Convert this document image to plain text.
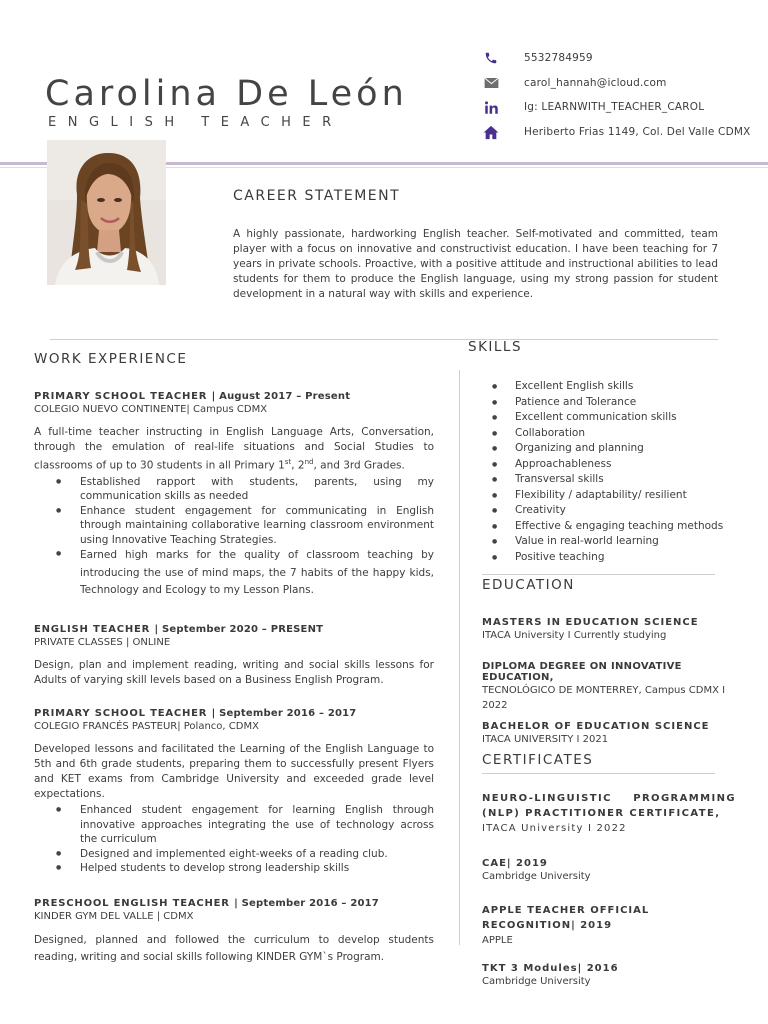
Carolina De León
ENGLISH TEACHER
5532784959
carol_hannah@icloud.com
Ig: LEARNWITH_TEACHER_CAROL
Heriberto Frias 1149, Col. Del Valle CDMX
CAREER STATEMENT
A highly passionate, hardworking English teacher. Self-motivated and committed, team player with a focus on innovative and constructivist education. I have been teaching for 7 years in private schools. Proactive, with a positive attitude and instructional abilities to lead students for them to produce the English language, using my strong passion for student development in a natural way with skills and experience.
WORK EXPERIENCE
PRIMARY SCHOOL TEACHER | August 2017 – Present
COLEGIO NUEVO CONTINENTE| Campus CDMX
A full-time teacher instructing in English Language Arts, Conversation, through the emulation of real-life situations and Social Studies to classrooms of up to 30 students in all Primary 1st, 2nd, and 3rd Grades.
● Established rapport with students, parents, using my communication skills as needed
● Enhance student engagement for communicating in English through maintaining collaborative learning classroom environment using Innovative Teaching Strategies.
● Earned high marks for the quality of classroom teaching by introducing the use of mind maps, the 7 habits of the happy kids, Technology and Ecology to my Lesson Plans.
ENGLISH TEACHER | September 2020 – PRESENT
PRIVATE CLASSES | ONLINE
Design, plan and implement reading, writing and social skills lessons for Adults of varying skill levels based on a Business English Program.
PRIMARY SCHOOL TEACHER | September 2016 – 2017
COLEGIO FRANCÉS PASTEUR| Polanco, CDMX
Developed lessons and facilitated the Learning of the English Language to 5th and 6th grade students, preparing them to successfully present Flyers and KET exams from Cambridge University and exceeded grade level expectations.
● Enhanced student engagement for learning English through innovative approaches integrating the use of technology across the curriculum
● Designed and implemented eight-weeks of a reading club.
● Helped students to develop strong leadership skills
PRESCHOOL ENGLISH TEACHER | September 2016 – 2017
KINDER GYM DEL VALLE | CDMX
Designed, planned and followed the curriculum to develop students reading, writing and social skills following KINDER GYM`s Program.
SKILLS
● Excellent English skills
● Patience and Tolerance
● Excellent communication skills
● Collaboration
● Organizing and planning
● Approachableness
● Transversal skills
● Flexibility / adaptability/ resilient
● Creativity
● Effective & engaging teaching methods
● Value in real-world learning
● Positive teaching
EDUCATION
MASTERS IN EDUCATION SCIENCE
ITACA University I Currently studying
DIPLOMA DEGREE ON INNOVATIVE EDUCATION,
TECNOLÓGICO DE MONTERREY, Campus CDMX I 2022
BACHELOR OF EDUCATION SCIENCE
ITACA UNIVERSITY I 2021
CERTIFICATES
NEURO-LINGUISTIC PROGRAMMING (NLP) PRACTITIONER CERTIFICATE,
ITACA University I 2022
CAE| 2019
Cambridge University
APPLE TEACHER OFFICIAL RECOGNITION| 2019
APPLE
TKT 3 Modules| 2016
Cambridge University
